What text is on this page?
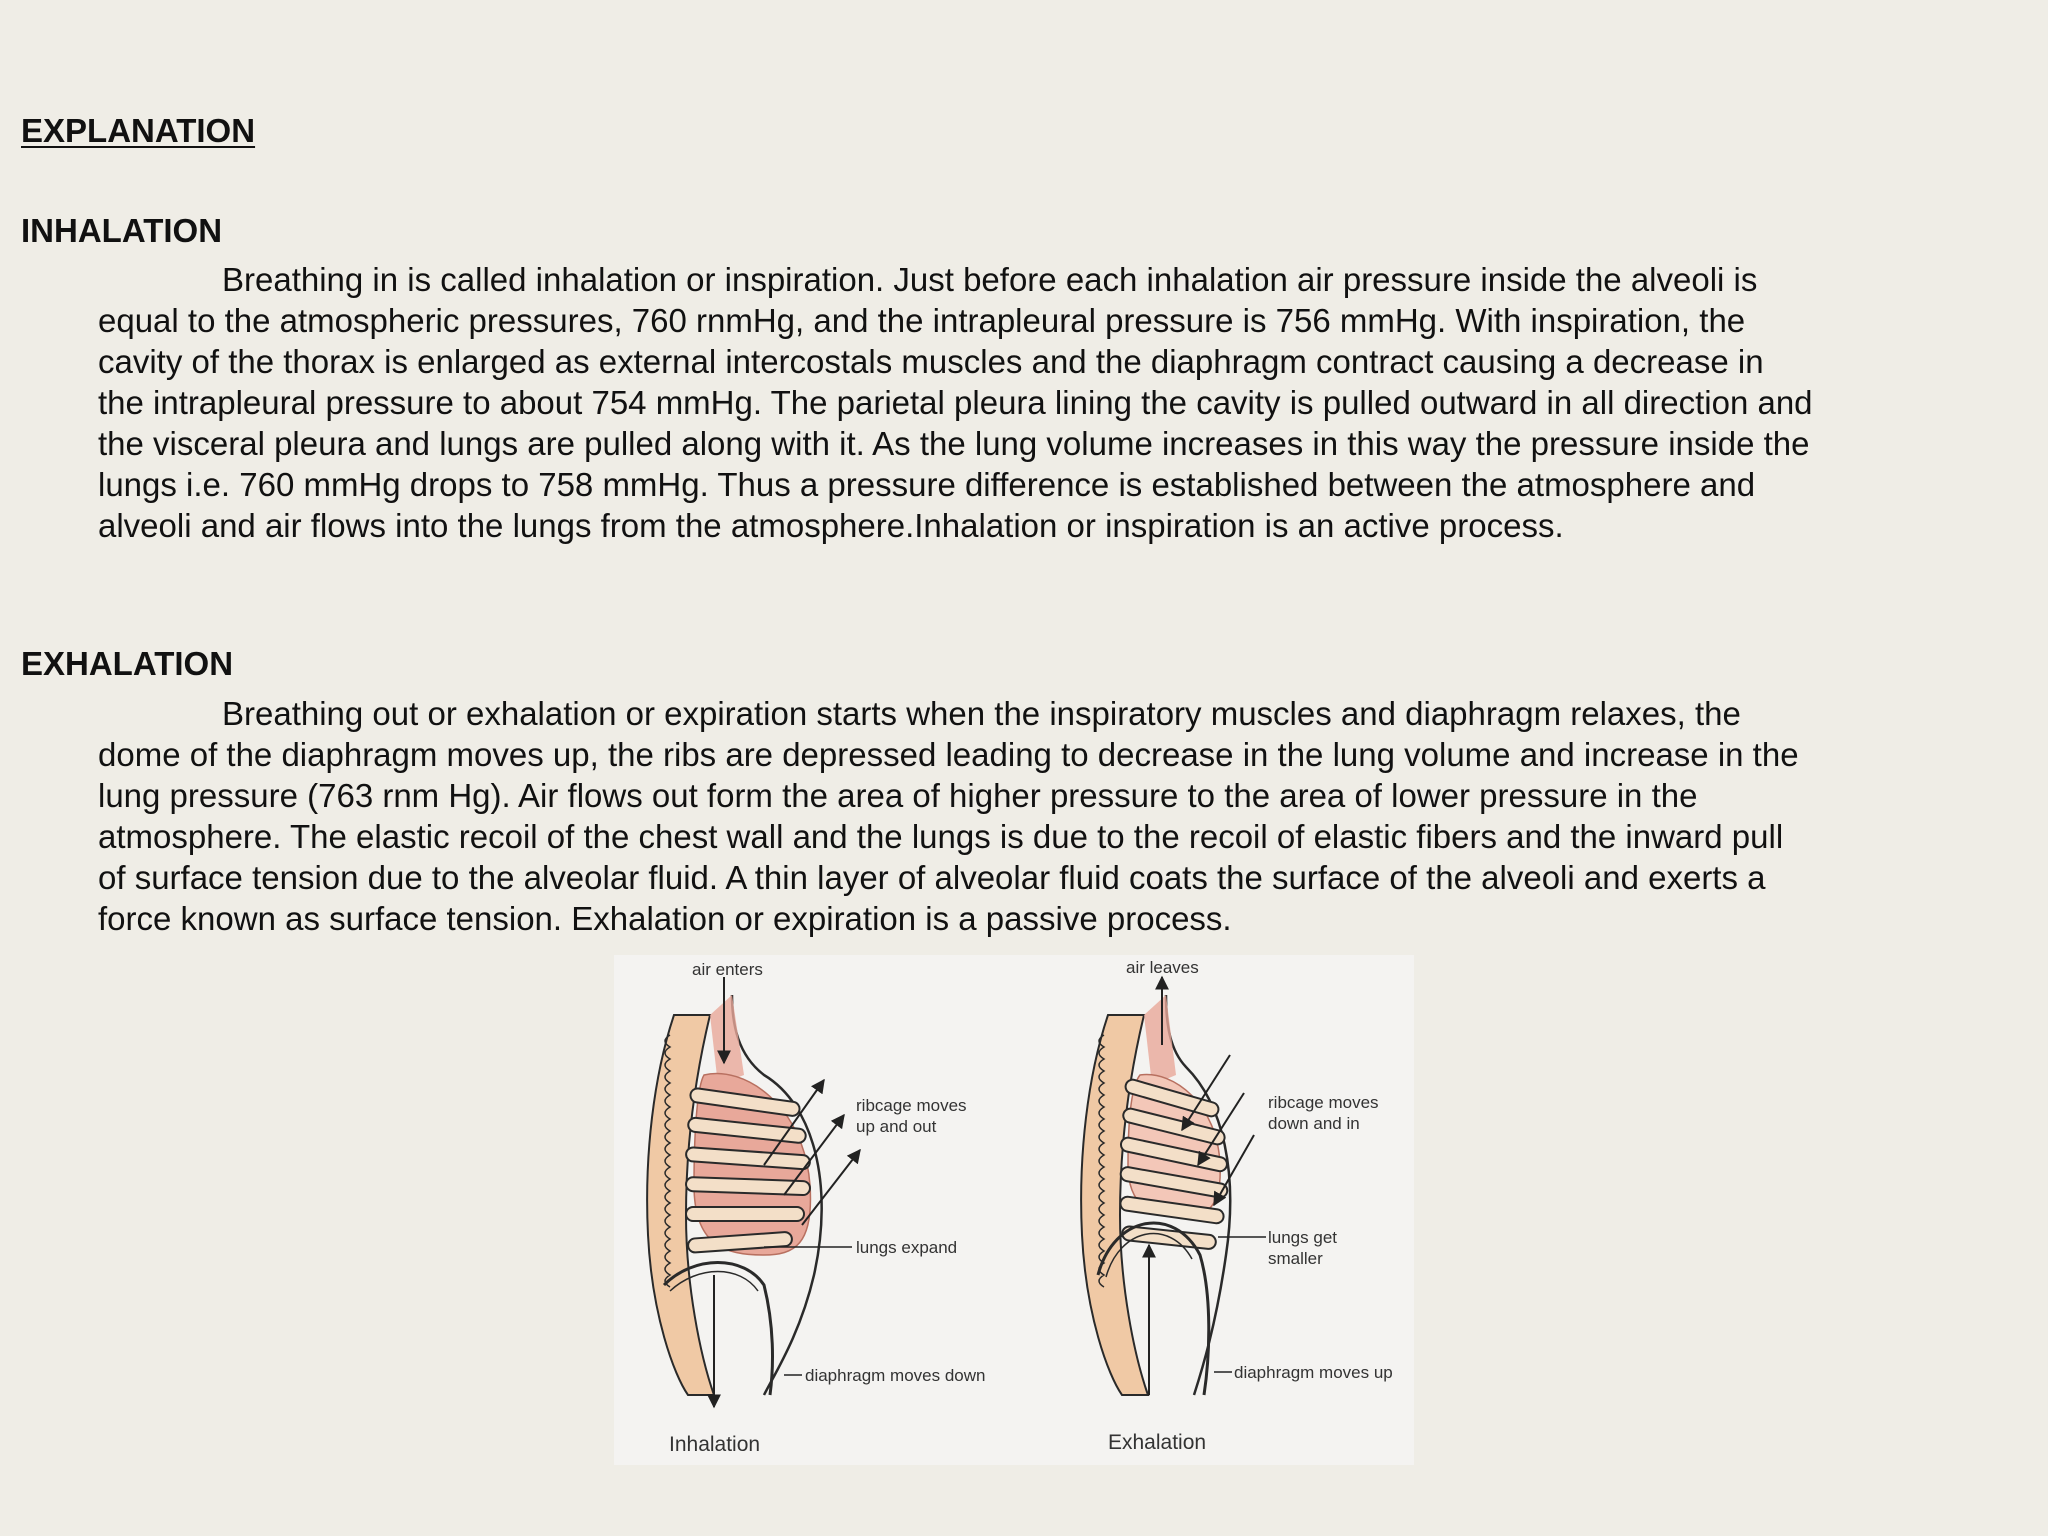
EXPLANATION
INHALATION

Breathing in is called inhalation or inspiration. Just before each inhalation air pressure inside the alveoli is equal to the atmospheric pressures, 760 rnmHg, and the intrapleural pressure is 756 mmHg. With inspiration, the cavity of the thorax is enlarged as external intercostals muscles and the diaphragm contract causing a decrease in the intrapleural pressure to about 754 mmHg. The parietal pleura lining the cavity is pulled outward in all direction and the visceral pleura and lungs are pulled along with it. As the lung volume increases in this way the pressure inside the lungs i.e. 760 mmHg drops to 758 mmHg. Thus a pressure difference is established between the atmosphere and alveoli and air flows into the lungs from the atmosphere.Inhalation or inspiration is an active process.

EXHALATION

Breathing out or exhalation or expiration starts when the inspiratory muscles and diaphragm relaxes, the dome of the diaphragm moves up, the ribs are depressed leading to decrease in the lung volume and increase in the lung pressure (763 rnm Hg). Air flows out form the area of higher pressure to the area of lower pressure in the atmosphere. The elastic recoil of the chest wall and the lungs is due to the recoil of elastic fibers and the inward pull of surface tension due to the alveolar fluid. A thin layer of alveolar fluid coats the surface of the alveoli and exerts a force known as surface tension. Exhalation or expiration is a passive process.

air enters
ribcage moves
up and out
lungs expand
diaphragm moves down
Inhalation
air leaves
ribcage moves
down and in
lungs get
smaller
diaphragm moves up
Exhalation
